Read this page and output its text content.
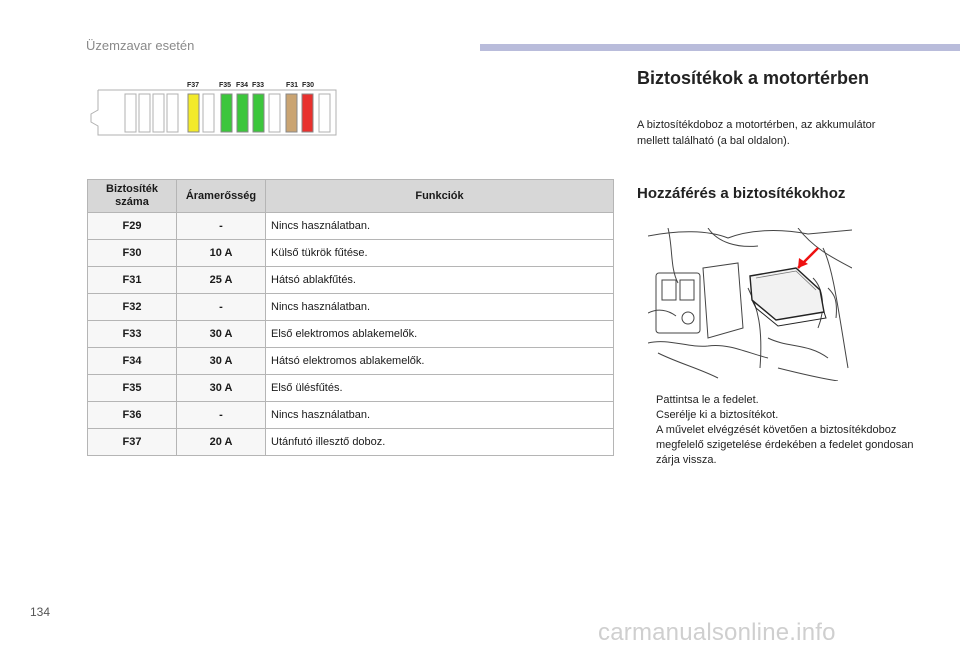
Üzemzavar esetén
F37	F35 F34 F33	F31 F30
Biztosíték száma	Áramerősség	Funkciók
F29	-	Nincs használatban.
F30	10 A	Külső tükrök fűtése.
F31	25 A	Hátsó ablakfűtés.
F32	-	Nincs használatban.
F33	30 A	Első elektromos ablakemelők.
F34	30 A	Hátsó elektromos ablakemelők.
F35	30 A	Első ülésfűtés.
F36	-	Nincs használatban.
F37	20 A	Utánfutó illesztő doboz.
Biztosítékok a motortérben
A biztosítékdoboz a motortérben, az akkumulátor mellett található (a bal oldalon).
Hozzáférés a biztosítékokhoz
Pattintsa le a fedelet.
Cserélje ki a biztosítékot.
A művelet elvégzését követően a biztosítékdoboz megfelelő szigetelése érdekében a fedelet gondosan zárja vissza.
134
carmanualsonline.info
